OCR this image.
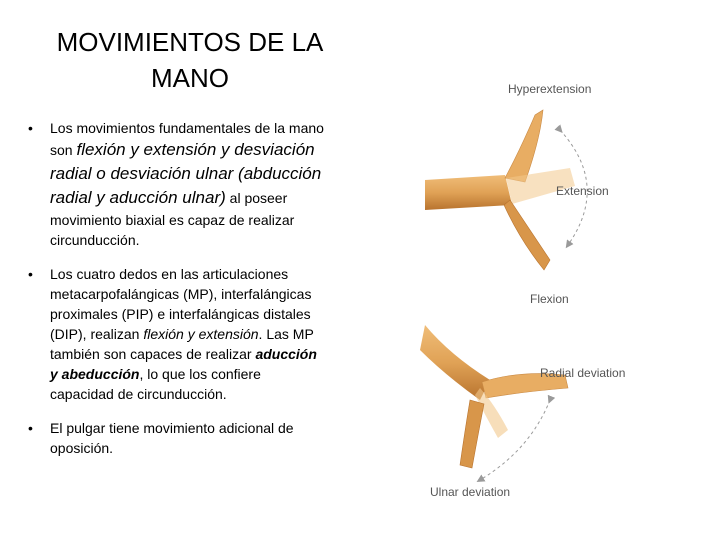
MOVIMIENTOS DE LA MANO
• Los movimientos fundamentales de la mano son flexión y extensión y desviación radial o desviación ulnar (abducción radial y aducción ulnar) al poseer movimiento biaxial es capaz de realizar circunducción.
• Los cuatro dedos en las articulaciones metacarpofalángicas (MP), interfalángicas proximales (PIP) e interfalángicas distales (DIP), realizan flexión y extensión. Las MP también son capaces de realizar aducción y abeducción, lo que los confiere capacidad de circunducción.
• El pulgar tiene movimiento adicional de oposición.
Hyperextension
Extension
Flexion
Radial deviation
Ulnar deviation
